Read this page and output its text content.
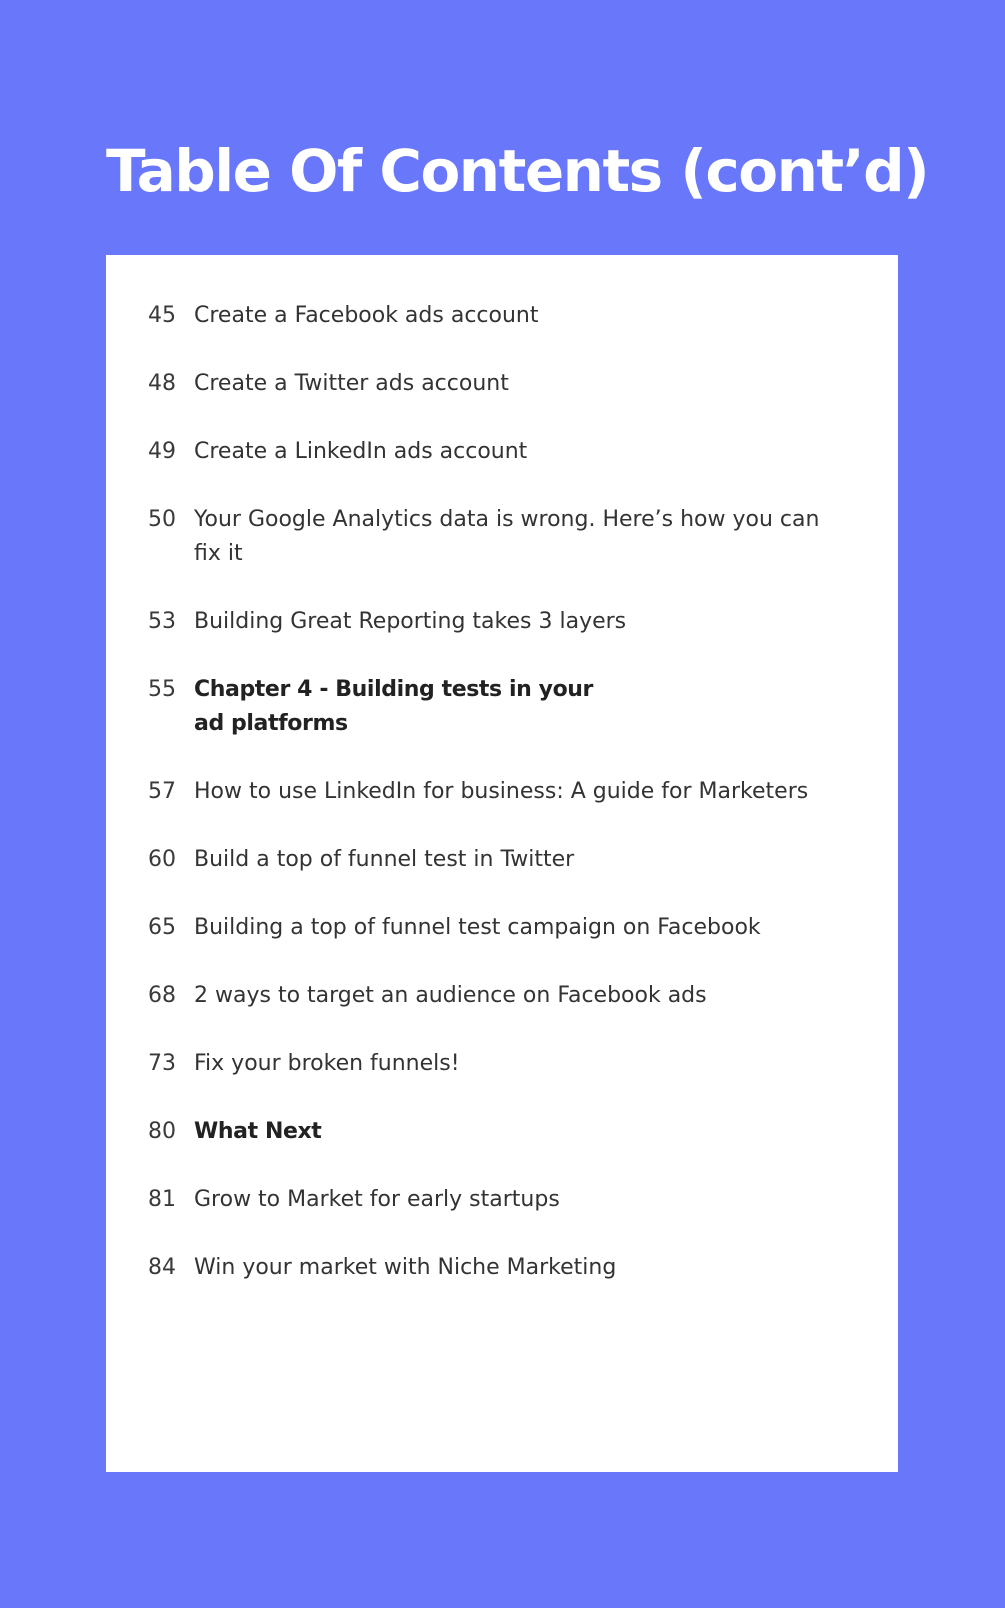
Table Of Contents (cont’d)
45 Create a Facebook ads account
48 Create a Twitter ads account
49 Create a LinkedIn ads account
50 Your Google Analytics data is wrong. Here’s how you can fix it
53 Building Great Reporting takes 3 layers
55 Chapter 4 - Building tests in your ad platforms
57 How to use LinkedIn for business: A guide for Marketers
60 Build a top of funnel test in Twitter
65 Building a top of funnel test campaign on Facebook
68 2 ways to target an audience on Facebook ads
73 Fix your broken funnels!
80 What Next
81 Grow to Market for early startups
84 Win your market with Niche Marketing
